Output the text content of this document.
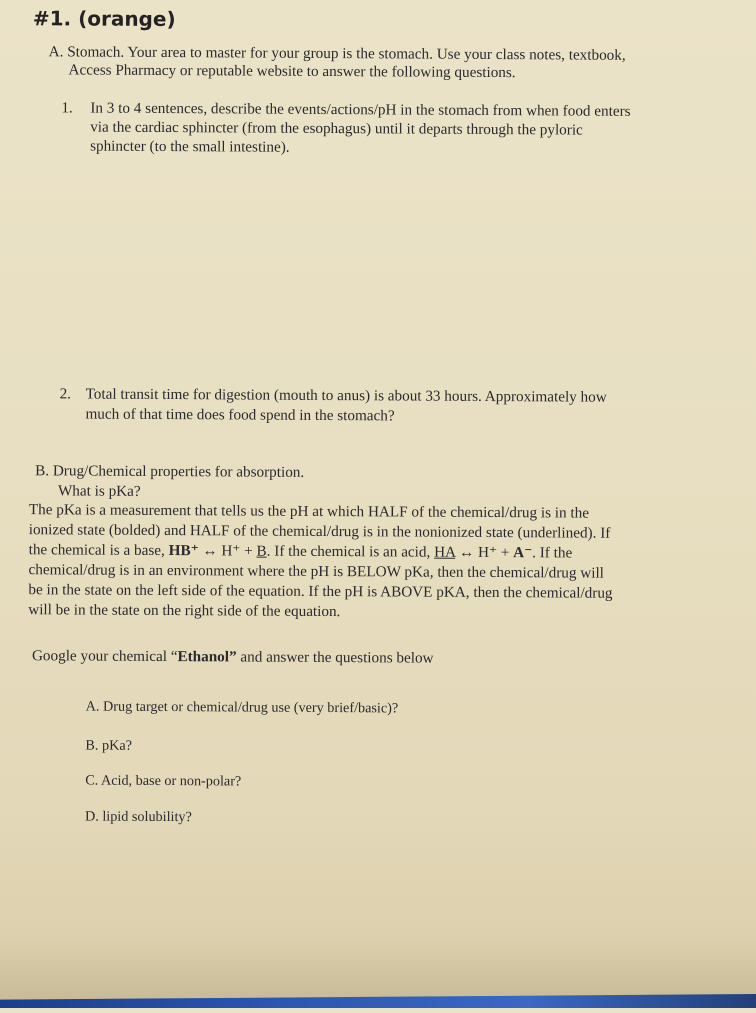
#1. (orange)
A. Stomach. Your area to master for your group is the stomach. Use your class notes, textbook,
Access Pharmacy or reputable website to answer the following questions.
1. In 3 to 4 sentences, describe the events/actions/pH in the stomach from when food enters
via the cardiac sphincter (from the esophagus) until it departs through the pyloric
sphincter (to the small intestine).
2. Total transit time for digestion (mouth to anus) is about 33 hours. Approximately how
much of that time does food spend in the stomach?
B. Drug/Chemical properties for absorption.
What is pKa?
The pKa is a measurement that tells us the pH at which HALF of the chemical/drug is in the
ionized state (bolded) and HALF of the chemical/drug is in the nonionized state (underlined). If
the chemical is a base, HB⁺ ↔ H⁺ + B. If the chemical is an acid, HA ↔ H⁺ + A⁻. If the
chemical/drug is in an environment where the pH is BELOW pKa, then the chemical/drug will
be in the state on the left side of the equation. If the pH is ABOVE pKA, then the chemical/drug
will be in the state on the right side of the equation.
Google your chemical “Ethanol” and answer the questions below
A. Drug target or chemical/drug use (very brief/basic)?
B. pKa?
C. Acid, base or non-polar?
D. lipid solubility?
